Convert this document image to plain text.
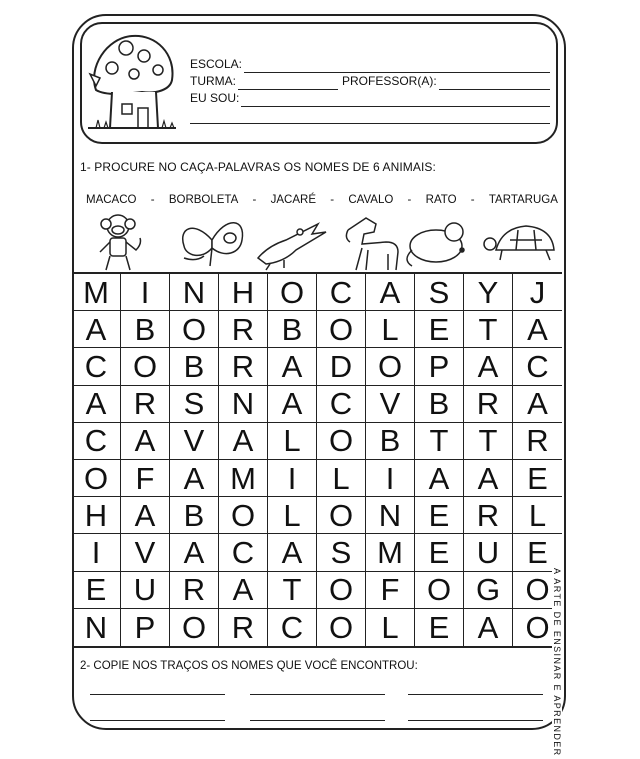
ESCOLA:
TURMA:	PROFESSOR(A):
EU SOU:
1- PROCURE NO CAÇA-PALAVRAS OS NOMES DE 6 ANIMAIS:
MACACO - BORBOLETA - JACARÉ - CAVALO - RATO - TARTARUGA
M	I	N H O C A S Y	J
A B O R B O L E T A
C O B R A D O P A C
A R S N A C V B R A
C A V A L O B T T R
O F A M	I	L	I	A A E
H A B O L O N E R L
I	V A C A S M E U E
E U R A T O F O G O
N P O R C O L E A O
2- COPIE NOS TRAÇOS OS NOMES QUE VOCÊ ENCONTROU:	A ARTE DE ENSINAR E APRENDER
